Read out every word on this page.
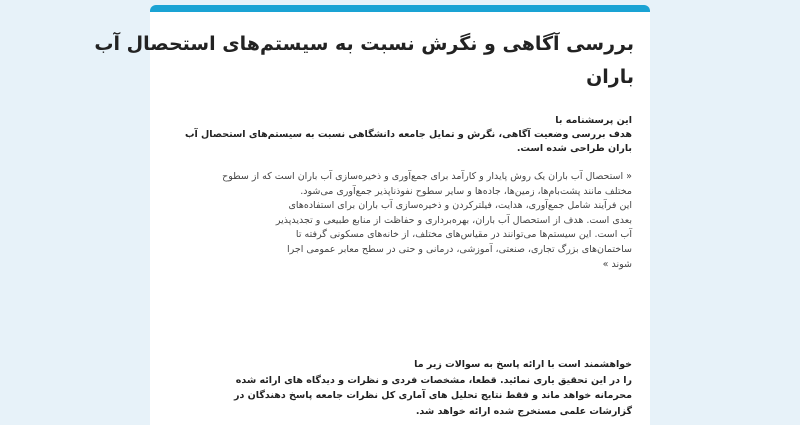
بررسی آگاهی و نگرش نسبت به سیستم‌های استحصال آب
باران
این پرسشنامه با
هدف بررسی وضعیت آگاهی، نگرش و تمایل جامعه دانشگاهی نسبت به سیستم‌های استحصال آب
باران طراحی شده است.
« استحصال آب باران یک روش پایدار و کارآمد برای جمع‌آوری و ذخیره‌سازی آب باران است که از سطوح
مختلف مانند پشت‌بام‌ها، زمین‌ها، جاده‌ها و سایر سطوح نفوذناپذیر جمع‌آوری می‌شود.
این فرآیند شامل جمع‌آوری، هدایت، فیلترکردن و ذخیره‌سازی آب باران برای استفاده‌های
بعدی است. هدف از استحصال آب باران، بهره‌برداری و حفاظت از منابع طبیعی و تجدیدپذیر
آب است. این سیستم‌ها می‌توانند در مقیاس‌های مختلف، از خانه‌های مسکونی گرفته تا
ساختمان‌های بزرگ تجاری، صنعتی، آموزشی، درمانی و حتی در سطح معابر عمومی اجرا
شوند »
خواهشمند است با ارائه پاسخ به سوالات زیر ما
را در این تحقیق یاری نمائید. قطعا، مشخصات فردی و نظرات و دیدگاه های ارائه شده
محرمانه خواهد ماند و فقط نتایج تحلیل های آماری کل نظرات جامعه پاسخ دهندگان در
گزارشات علمی مستخرج شده ارائه خواهد شد.
